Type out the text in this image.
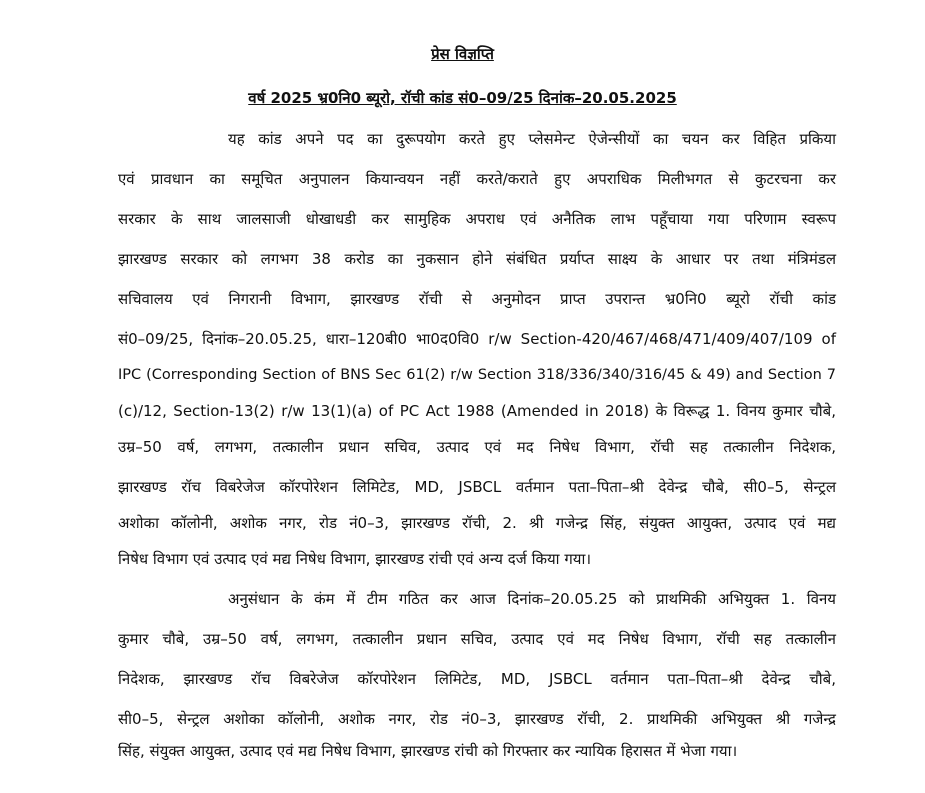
प्रेस विज्ञप्ति
वर्ष 2025 भ्र0नि0 ब्यूरो, रॉची कांड सं0–09/25 दिनांक–20.05.2025
यह कांड अपने पद का दुरूपयोग करते हुए प्लेसमेन्ट ऐजेन्सीयों का चयन कर विहित प्रकिया
एवं प्रावधान का समूचित अनुपालन कियान्वयन नहीं करते/कराते हुए अपराधिक मिलीभगत से कुटरचना कर
सरकार के साथ जालसाजी धोखाधडी कर सामुहिक अपराध एवं अनैतिक लाभ पहूँचाया गया परिणाम स्वरूप
झारखण्ड सरकार को लगभग 38 करोड का नुकसान होने संबंधित प्रर्याप्त साक्ष्य के आधार पर तथा मंत्रिमंडल
सचिवालय एवं निगरानी विभाग, झारखण्ड रॉची से अनुमोदन प्राप्त उपरान्त भ्र0नि0 ब्यूरो रॉची कांड
सं0–09/25, दिनांक–20.05.25, धारा–120बी0 भा0द0वि0 r/w Section-420/467/468/471/409/407/109 of
IPC (Corresponding Section of BNS Sec 61(2) r/w Section 318/336/340/316/45 & 49) and Section 7
(c)/12, Section-13(2) r/w 13(1)(a) of PC Act 1988 (Amended in 2018) के विरूद्ध 1. विनय कुमार चौबे,
उम्र–50 वर्ष, लगभग, तत्कालीन प्रधान सचिव, उत्पाद एवं मद निषेध विभाग, रॉची सह तत्कालीन निदेशक,
झारखण्ड रॉच विबरेजेज कॉरपोरेशन लिमिटेड, MD, JSBCL वर्तमान पता–पिता–श्री देवेन्द्र चौबे, सी0–5, सेन्ट्रल
अशोका कॉलोनी, अशोक नगर, रोड नं0–3, झारखण्ड रॉची, 2. श्री गजेन्द्र सिंह, संयुक्त आयुक्त, उत्पाद एवं मद्य
निषेध विभाग एवं उत्पाद एवं मद्य निषेध विभाग, झारखण्ड रांची एवं अन्य दर्ज किया गया।
अनुसंधान के कंम में टीम गठित कर आज दिनांक–20.05.25 को प्राथमिकी अभियुक्त 1. विनय
कुमार चौबे, उम्र–50 वर्ष, लगभग, तत्कालीन प्रधान सचिव, उत्पाद एवं मद निषेध विभाग, रॉची सह तत्कालीन
निदेशक, झारखण्ड रॉच विबरेजेज कॉरपोरेशन लिमिटेड, MD, JSBCL वर्तमान पता–पिता–श्री देवेन्द्र चौबे,
सी0–5, सेन्ट्रल अशोका कॉलोनी, अशोक नगर, रोड नं0–3, झारखण्ड रॉची, 2. प्राथमिकी अभियुक्त श्री गजेन्द्र
सिंह, संयुक्त आयुक्त, उत्पाद एवं मद्य निषेध विभाग, झारखण्ड रांची को गिरफ्तार कर न्यायिक हिरासत में भेजा गया।
